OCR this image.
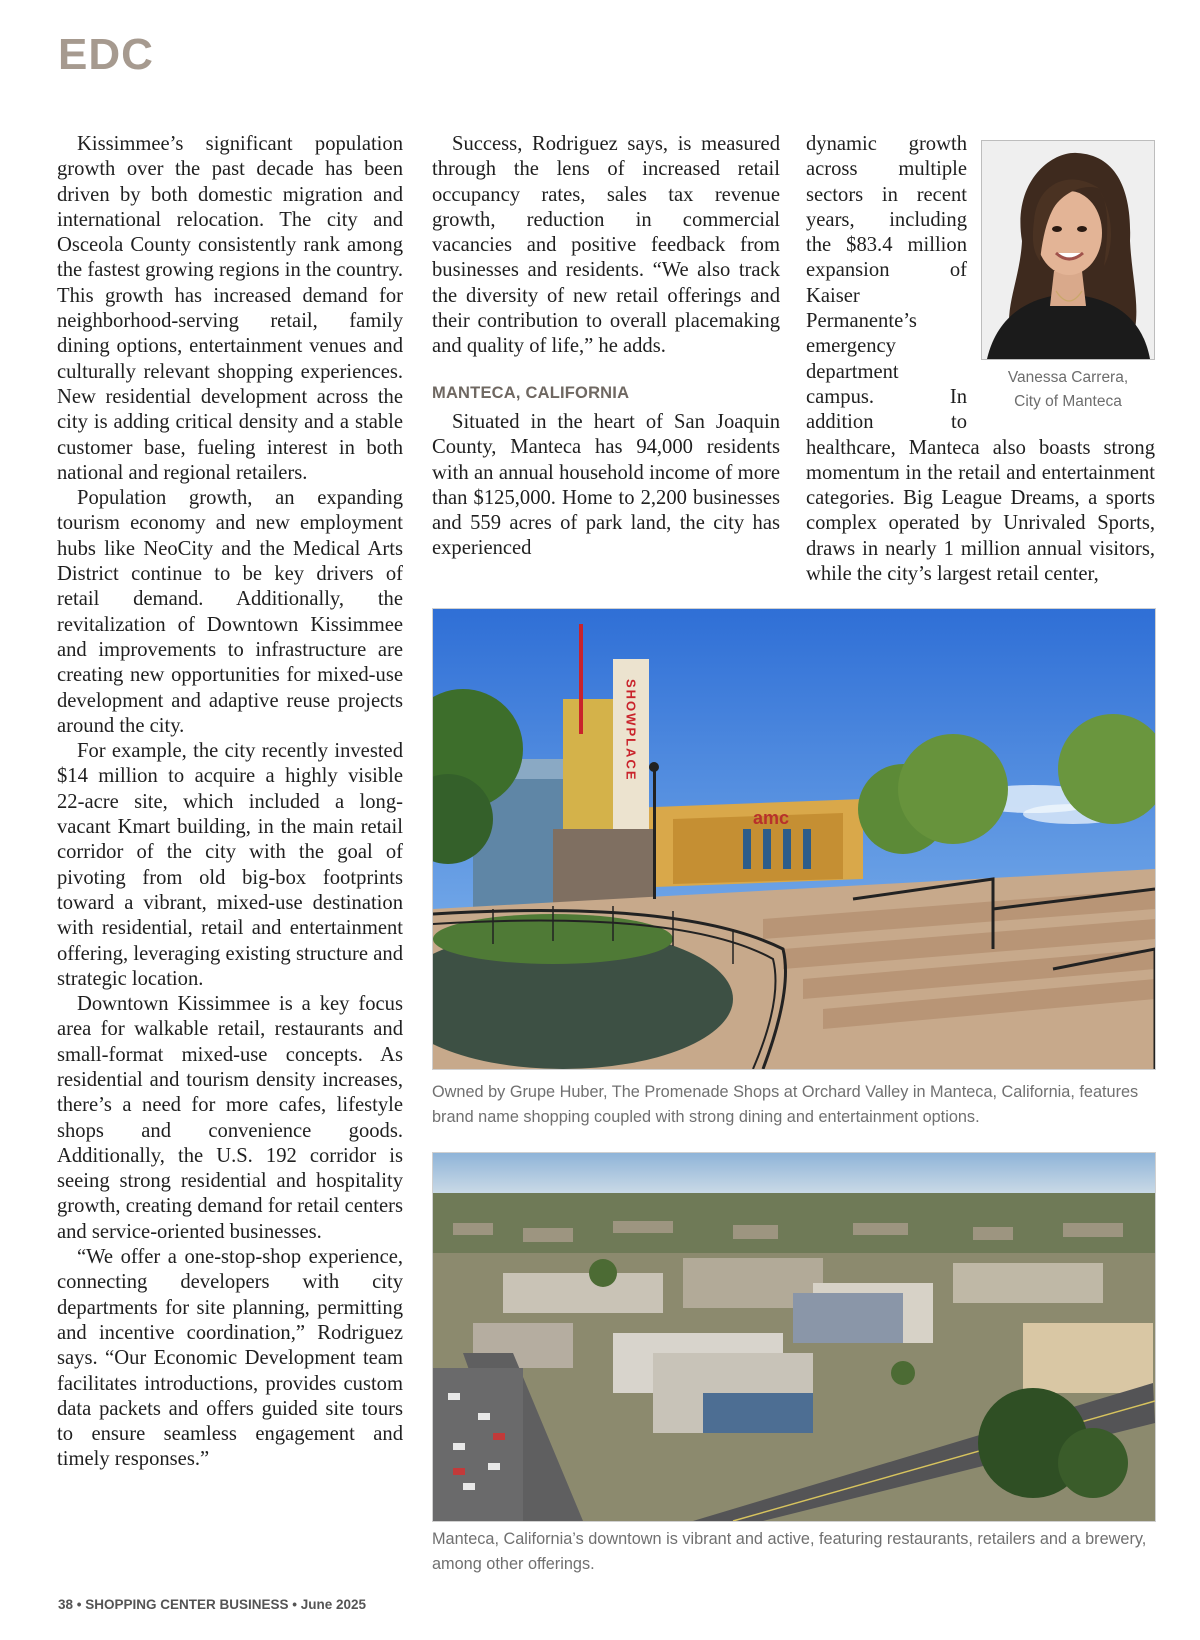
EDC

Kissimmee’s significant population growth over the past decade has been driven by both domestic migration and international relocation. The city and Osceola County consistently rank among the fastest growing regions in the country. This growth has increased demand for neighborhood-serving retail, family dining options, entertainment venues and culturally relevant shopping experiences. New residential development across the city is adding critical density and a stable customer base, fueling interest in both national and regional retailers.

Population growth, an expanding tourism economy and new employment hubs like NeoCity and the Medical Arts District continue to be key drivers of retail demand. Additionally, the revitalization of Downtown Kissimmee and improvements to infrastructure are creating new opportunities for mixed-use development and adaptive reuse projects around the city.

For example, the city recently invested $14 million to acquire a highly visible 22-acre site, which included a long-vacant Kmart building, in the main retail corridor of the city with the goal of pivoting from old big-box footprints toward a vibrant, mixed-use destination with residential, retail and entertainment offering, leveraging existing structure and strategic location.

Downtown Kissimmee is a key focus area for walkable retail, restaurants and small-format mixed-use concepts. As residential and tourism density increases, there’s a need for more cafes, lifestyle shops and convenience goods. Additionally, the U.S. 192 corridor is seeing strong residential and hospitality growth, creating demand for retail centers and service-oriented businesses.

“We offer a one-stop-shop experience, connecting developers with city departments for site planning, permitting and incentive coordination,” Rodriguez says. “Our Economic Development team facilitates introductions, provides custom data packets and offers guided site tours to ensure seamless engagement and timely responses.”

Success, Rodriguez says, is measured through the lens of increased retail occupancy rates, sales tax revenue growth, reduction in commercial vacancies and positive feedback from businesses and residents. “We also track the diversity of new retail offerings and their contribution to overall placemaking and quality of life,” he adds.

MANTECA, CALIFORNIA

Situated in the heart of San Joaquin County, Manteca has 94,000 residents with an annual household income of more than $125,000. Home to 2,200 businesses and 559 acres of park land, the city has experienced

Vanessa Carrera,
City of Manteca

dynamic growth across multiple sectors in recent years, including the $83.4 million expansion of Kaiser Permanente’s emergency department campus. In addition to healthcare, Manteca also boasts strong momentum in the retail and entertainment categories. Big League Dreams, a sports complex operated by Unrivaled Sports, draws in nearly 1 million annual visitors, while the city’s largest retail center,

amc
SHOWPLACE
Owned by Grupe Huber, The Promenade Shops at Orchard Valley in Manteca, California, features brand name shopping coupled with strong dining and entertainment options.
Manteca, California’s downtown is vibrant and active, featuring restaurants, retailers and a brewery, among other offerings.
38 • SHOPPING CENTER BUSINESS • June 2025
